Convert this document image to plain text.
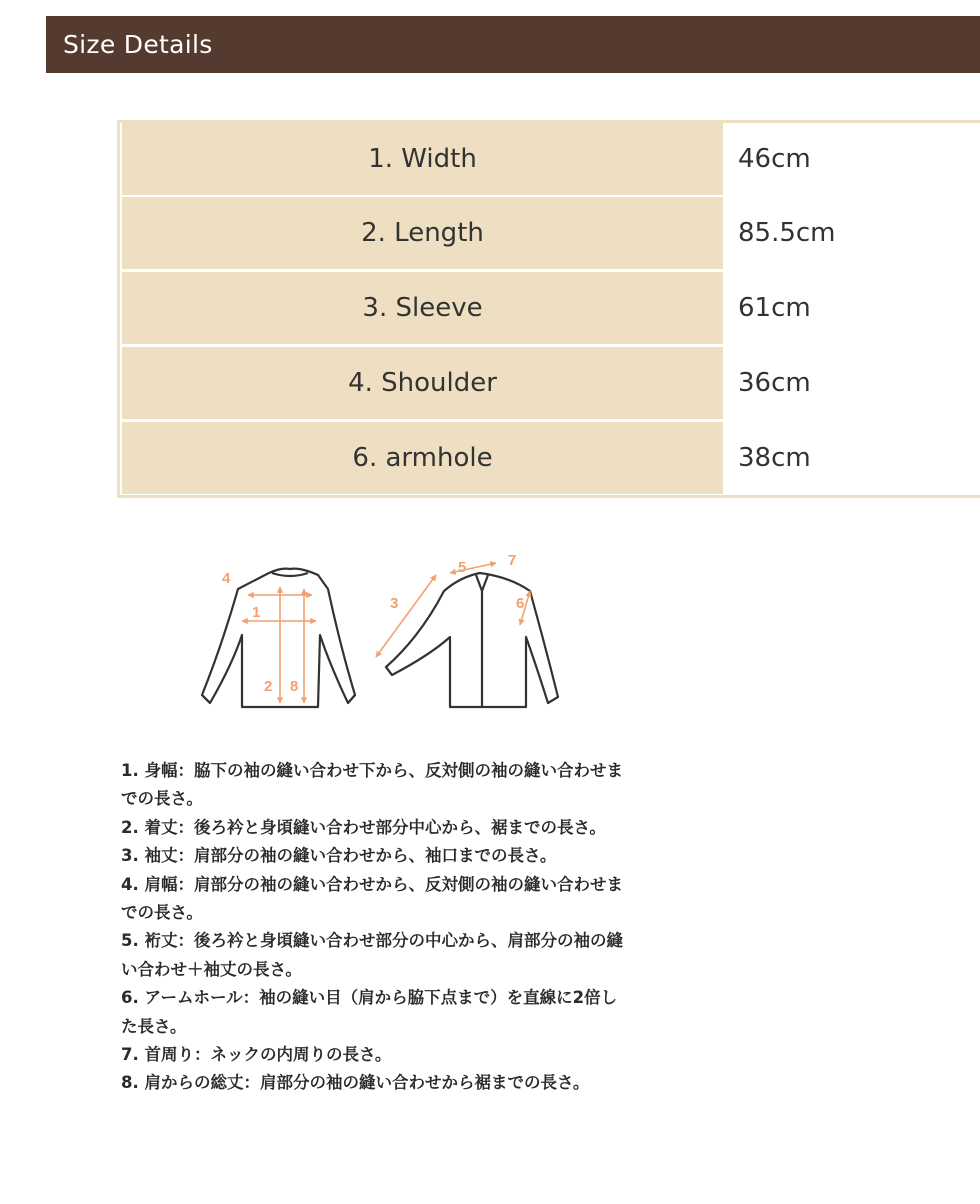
Size Details
1. Width	46cm
2. Length	85.5cm
3. Sleeve	61cm
4. Shoulder	36cm
6. armhole	38cm
4
1
2 8
3
5	7
6
1. 身幅：脇下の袖の縫い合わせ下から、反対側の袖の縫い合わせまでの長さ。
2. 着丈：後ろ衿と身頃縫い合わせ部分中心から、裾までの長さ。
3. 袖丈：肩部分の袖の縫い合わせから、袖口までの長さ。
4. 肩幅：肩部分の袖の縫い合わせから、反対側の袖の縫い合わせまでの長さ。
5. 裄丈：後ろ衿と身頃縫い合わせ部分の中心から、肩部分の袖の縫い合わせ＋袖丈の長さ。
6. アームホール：袖の縫い目（肩から脇下点まで）を直線に2倍した長さ。
7. 首周り：ネックの内周りの長さ。
8. 肩からの総丈：肩部分の袖の縫い合わせから裾までの長さ。
